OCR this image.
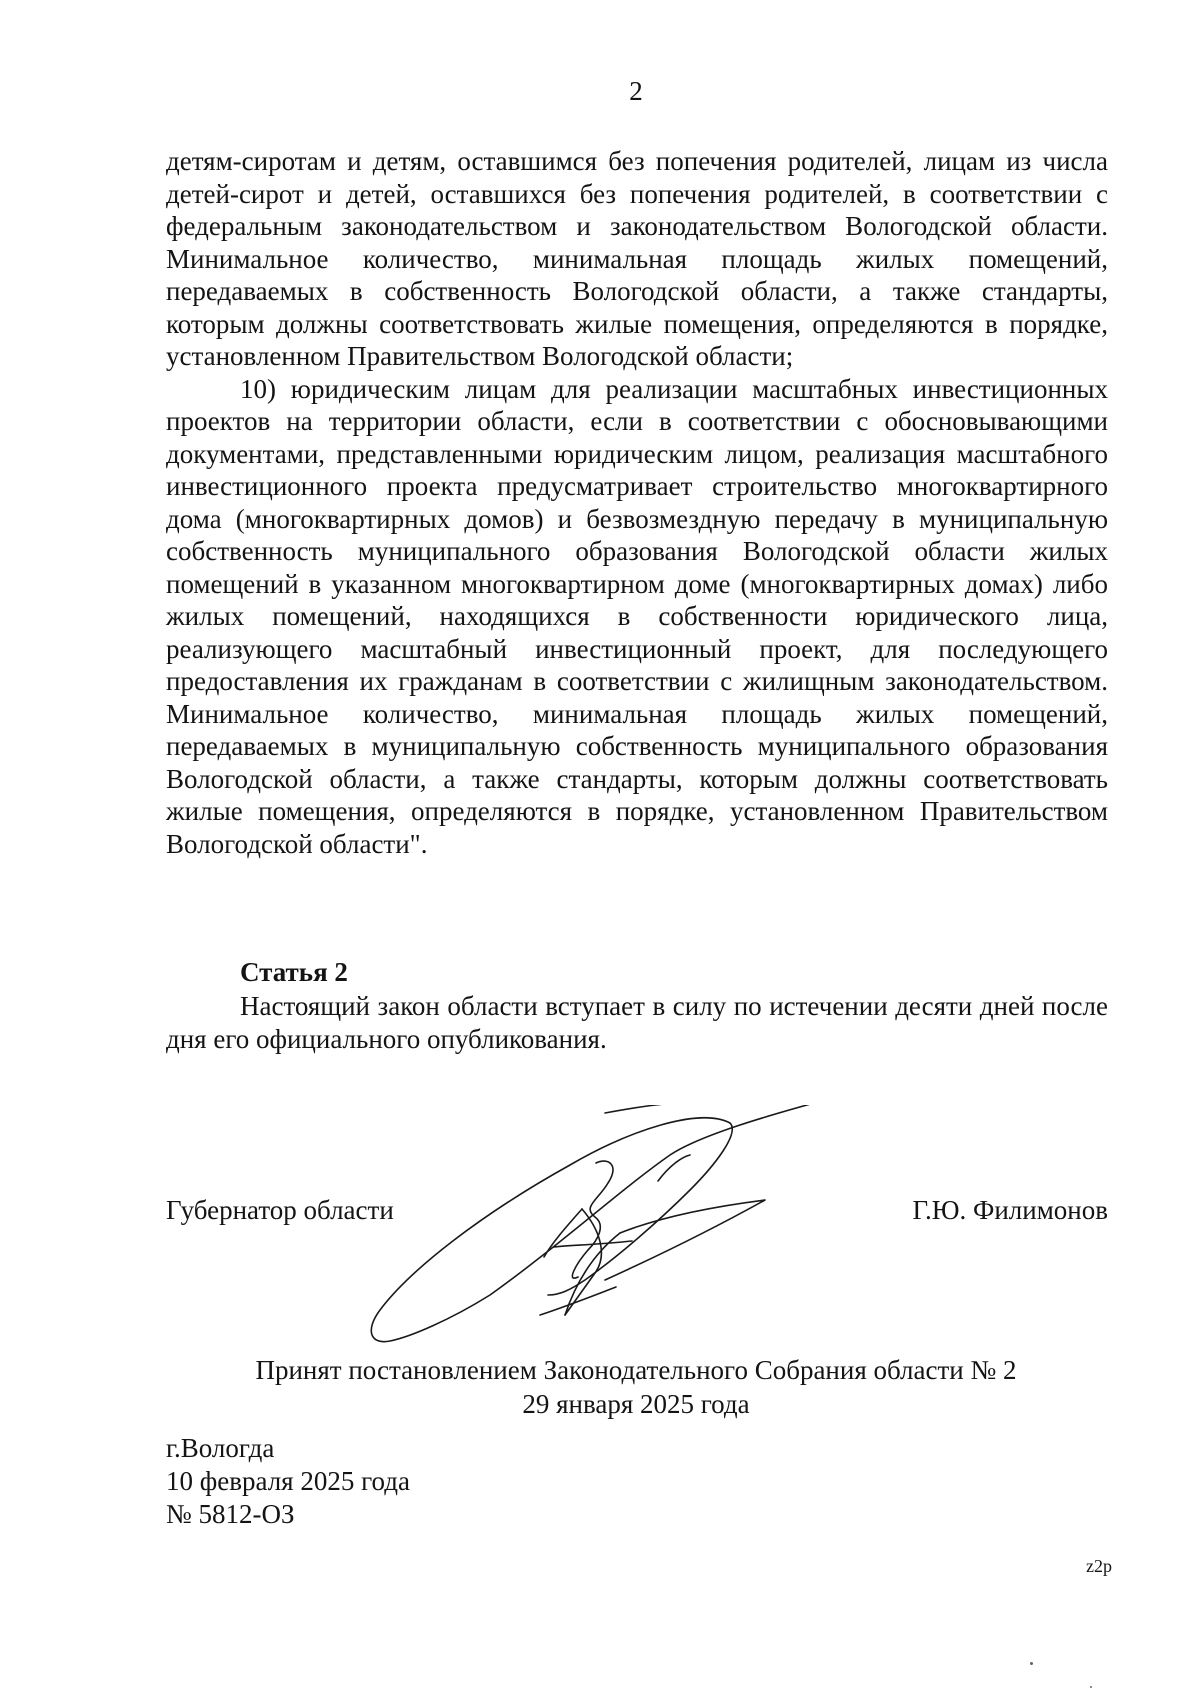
2

детям-сиротам и детям, оставшимся без попечения родителей, лицам из числа детей-сирот и детей, оставшихся без попечения родителей, в соответствии с федеральным законодательством и законодательством Вологодской области. Минимальное количество, минимальная площадь жилых помещений, передаваемых в собственность Вологодской области, а также стандарты, которым должны соответствовать жилые помещения, определяются в порядке, установленном Правительством Вологодской области;

10) юридическим лицам для реализации масштабных инвестиционных проектов на территории области, если в соответствии с обосновывающими документами, представленными юридическим лицом, реализация масштабного инвестиционного проекта предусматривает строительство многоквартирного дома (многоквартирных домов) и безвозмездную передачу в муниципальную собственность муниципального образования Вологодской области жилых помещений в указанном многоквартирном доме (многоквартирных домах) либо жилых помещений, находящихся в собственности юридического лица, реализующего масштабный инвестиционный проект, для последующего предоставления их гражданам в соответствии с жилищным законодательством. Минимальное количество, минимальная площадь жилых помещений, передаваемых в муниципальную собственность муниципального образования Вологодской области, а также стандарты, которым должны соответствовать жилые помещения, определяются в порядке, установленном Правительством Вологодской области".

Статья 2

Настоящий закон области вступает в силу по истечении десяти дней после дня его официального опубликования.

Губернатор области	Г.Ю. Филимонов
Принят постановлением Законодательного Собрания области № 2
29 января 2025 года
г.Вологда
10 февраля 2025 года
№ 5812-ОЗ
z2p
